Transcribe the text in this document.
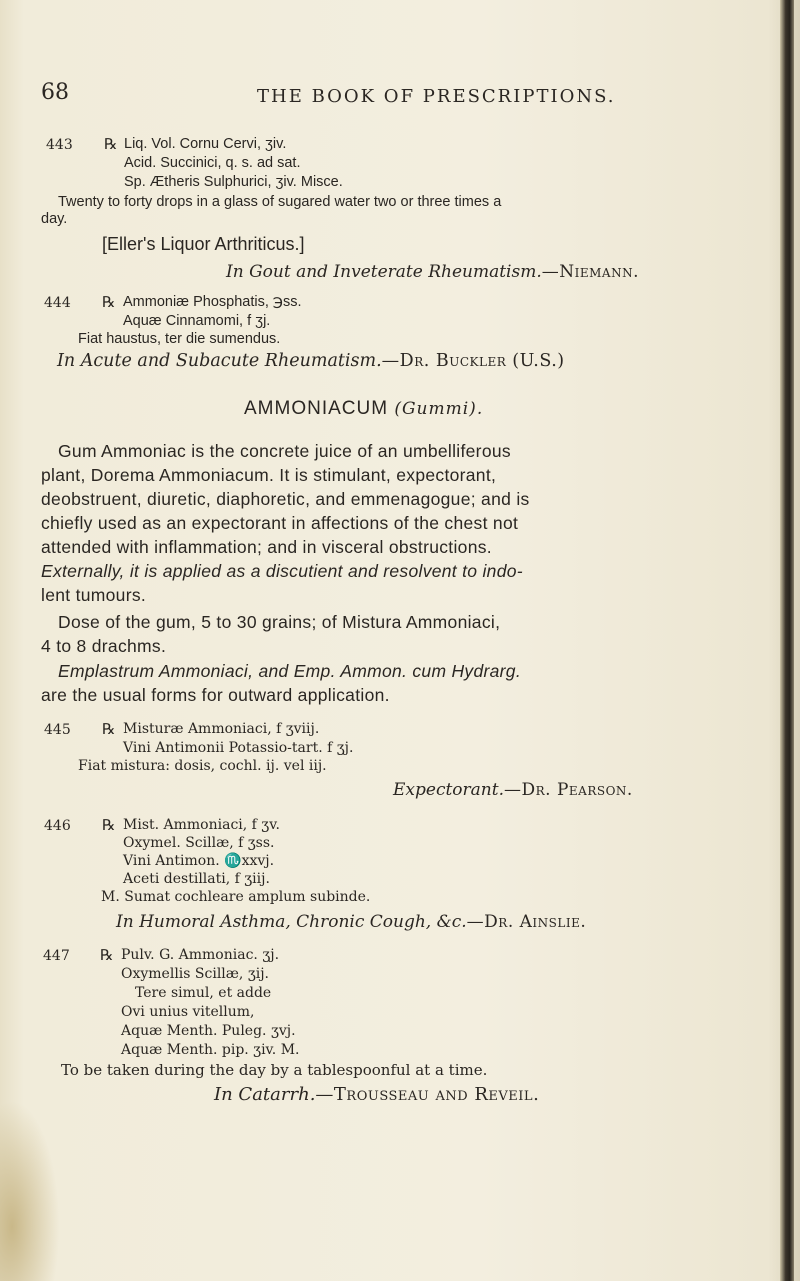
68	THE BOOK OF PRESCRIPTIONS.
443 ℞ Liq. Vol. Cornu Cervi, ʒiv.
Acid. Succinici, q. s. ad sat.
Sp. Ætheris Sulphurici, ʒiv. Misce.
Twenty to forty drops in a glass of sugared water two or three times a
day.
[Eller's Liquor Arthriticus.]
In Gout and Inveterate Rheumatism.—Niemann.
444 ℞ Ammoniæ Phosphatis, ℈ss.
Aquæ Cinnamomi, f ʒj.
Fiat haustus, ter die sumendus.
In Acute and Subacute Rheumatism.—Dr. Buckler (U.S.)
AMMONIACUM (Gummi).
Gum Ammoniac is the concrete juice of an umbelliferous
plant, Dorema Ammoniacum. It is stimulant, expectorant,
deobstruent, diuretic, diaphoretic, and emmenagogue; and is
chiefly used as an expectorant in affections of the chest not
attended with inflammation; and in visceral obstructions.
Externally, it is applied as a discutient and resolvent to indo-
lent tumours.
Dose of the gum, 5 to 30 grains; of Mistura Ammoniaci,
4 to 8 drachms.
Emplastrum Ammoniaci, and Emp. Ammon. cum Hydrarg.
are the usual forms for outward application.
445 ℞ Misturæ Ammoniaci, f ʒviij.
Vini Antimonii Potassio-tart. f ʒj.
Fiat mistura: dosis, cochl. ij. vel iij.
Expectorant.—Dr. Pearson.
446 ℞ Mist. Ammoniaci, f ʒv.
Oxymel. Scillæ, f ʒss.
Vini Antimon. ♏xxvj.
Aceti destillati, f ʒiij.
M. Sumat cochleare amplum subinde.
In Humoral Asthma, Chronic Cough, &c.—Dr. Ainslie.
447 ℞ Pulv. G. Ammoniac. ʒj.
Oxymellis Scillæ, ʒij.
Tere simul, et adde
Ovi unius vitellum,
Aquæ Menth. Puleg. ʒvj.
Aquæ Menth. pip. ʒiv. M.
To be taken during the day by a tablespoonful at a time.
In Catarrh.—Trousseau and Reveil.
